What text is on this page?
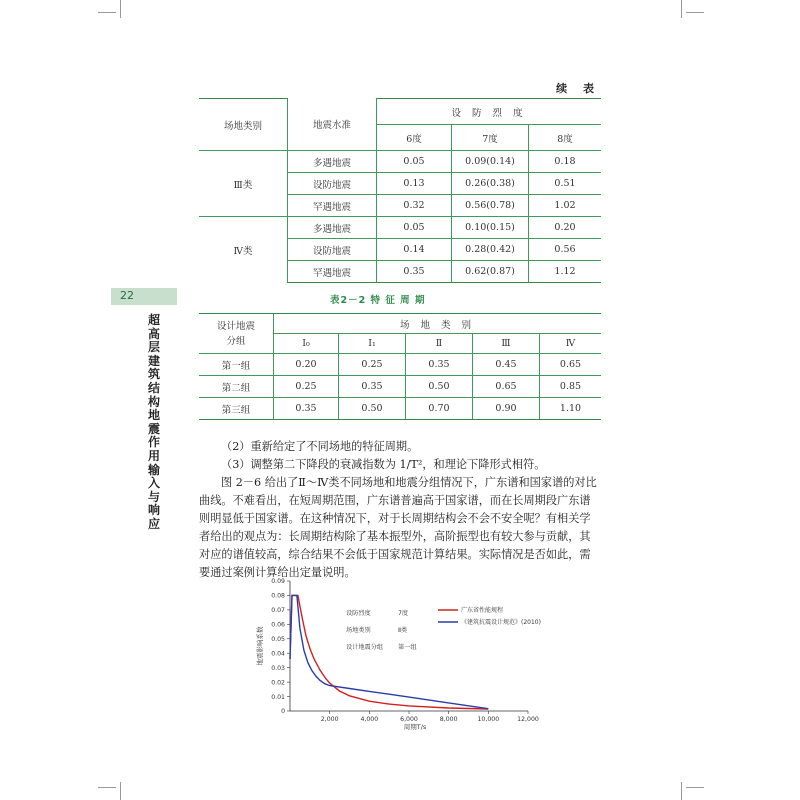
续 表
场地类别	地震水准	设 防 烈 度		
		6度	7度	8度
Ⅲ类	多遇地震	0.05	0.09(0.14)	0.18
	设防地震	0.13	0.26(0.38)	0.51
	罕遇地震	0.32	0.56(0.78)	1.02
Ⅳ类	多遇地震	0.05	0.10(0.15)	0.20
	设防地震	0.14	0.28(0.42)	0.56
	罕遇地震	0.35	0.62(0.87)	1.12
22
超
高
层
建
筑
结
构
地
震
作
用
输
入
与
响
应
表2－2 特 征 周 期
设计地震分组	场 地 类 别				
	Ⅰ₀	Ⅰ₁	Ⅱ	Ⅲ	Ⅳ
第一组	0.20	0.25	0.35	0.45	0.65
第二组	0.25	0.35	0.50	0.65	0.85
第三组	0.35	0.50	0.70	0.90	1.10

（2）重新给定了不同场地的特征周期。

（3）调整第二下降段的衰减指数为 1/T²，和理论下降形式相符。

图 2－6 给出了Ⅱ～Ⅳ类不同场地和地震分组情况下，广东谱和国家谱的对比曲线。不难看出，在短周期范围，广东谱普遍高于国家谱，而在长周期段广东谱则明显低于国家谱。在这种情况下，对于长周期结构会不会不安全呢？有相关学者给出的观点为：长周期结构除了基本振型外，高阶振型也有较大参与贡献，其对应的谱值较高，综合结果不会低于国家规范计算结果。实际情况是否如此，需要通过案例计算给出定量说明。

0
0.01
0.02
0.03
0.04
0.05
0.06
0.07
0.08
0.09
2,000	4,000	6,000	8,000	10,000	12,000
地震影响系数
周期T/s
设防烈度	7度
场地类别	Ⅱ类
设计地震分组 第一组
广东省性能规程
《建筑抗震设计规范》(2010)
